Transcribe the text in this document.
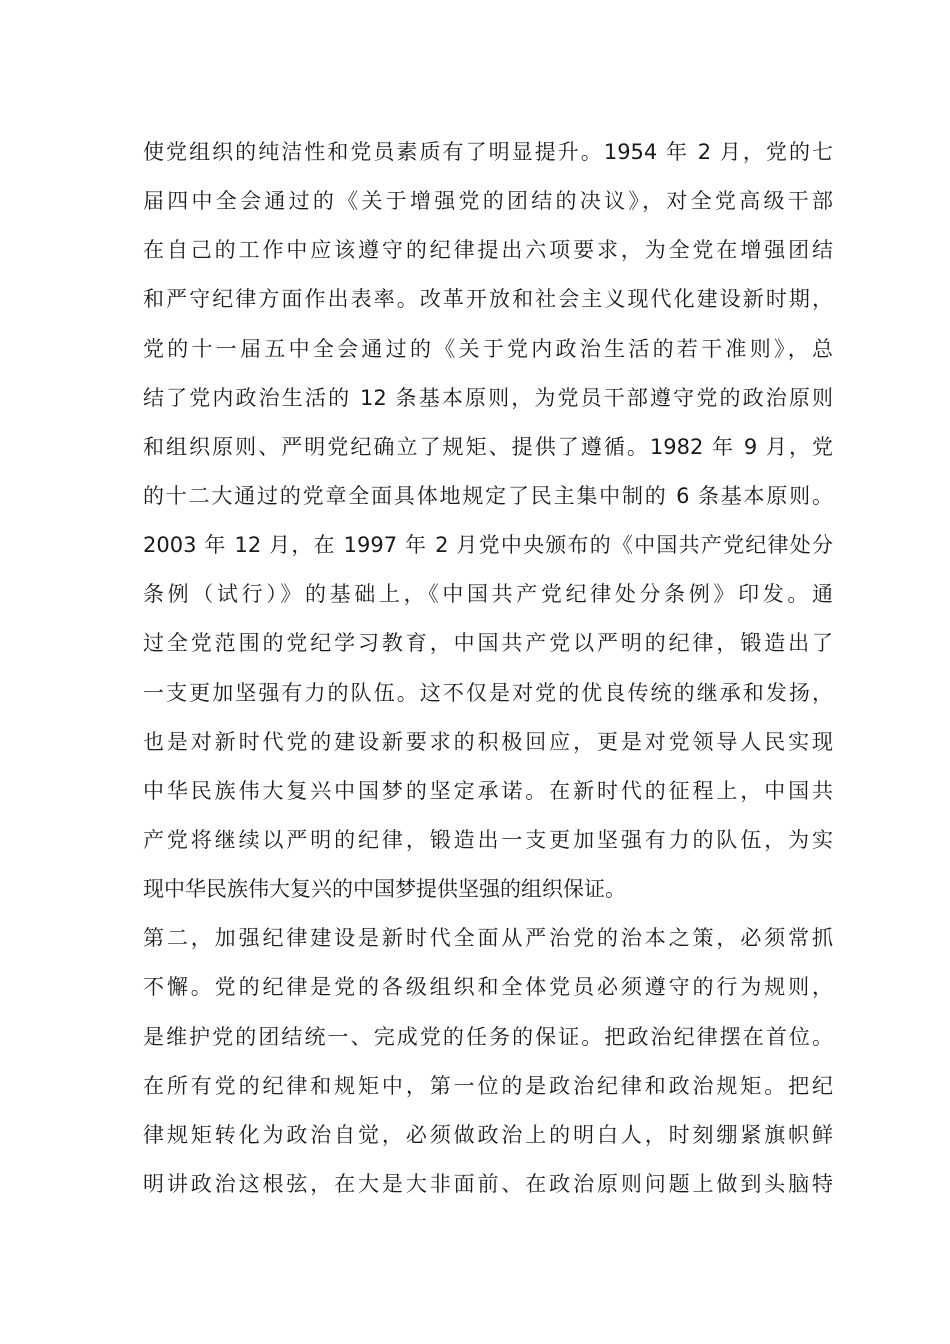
使党组织的纯洁性和党员素质有了明显提升。1954 年 2 月，党的七
届四中全会通过的《关于增强党的团结的决议》，对全党高级干部
在自己的工作中应该遵守的纪律提出六项要求，为全党在增强团结
和严守纪律方面作出表率。改革开放和社会主义现代化建设新时期，
党的十一届五中全会通过的《关于党内政治生活的若干准则》，总
结了党内政治生活的 12 条基本原则，为党员干部遵守党的政治原则
和组织原则、严明党纪确立了规矩、提供了遵循。1982 年 9 月，党
的十二大通过的党章全面具体地规定了民主集中制的 6 条基本原则。
2003 年 12 月，在 1997 年 2 月党中央颁布的《中国共产党纪律处分
条例（试行）》的基础上，《中国共产党纪律处分条例》印发。通
过全党范围的党纪学习教育，中国共产党以严明的纪律，锻造出了
一支更加坚强有力的队伍。这不仅是对党的优良传统的继承和发扬，
也是对新时代党的建设新要求的积极回应，更是对党领导人民实现
中华民族伟大复兴中国梦的坚定承诺。在新时代的征程上，中国共
产党将继续以严明的纪律，锻造出一支更加坚强有力的队伍，为实
现中华民族伟大复兴的中国梦提供坚强的组织保证。
第二，加强纪律建设是新时代全面从严治党的治本之策，必须常抓
不懈。党的纪律是党的各级组织和全体党员必须遵守的行为规则，
是维护党的团结统一、完成党的任务的保证。把政治纪律摆在首位。
在所有党的纪律和规矩中，第一位的是政治纪律和政治规矩。把纪
律规矩转化为政治自觉，必须做政治上的明白人，时刻绷紧旗帜鲜
明讲政治这根弦，在大是大非面前、在政治原则问题上做到头脑特
